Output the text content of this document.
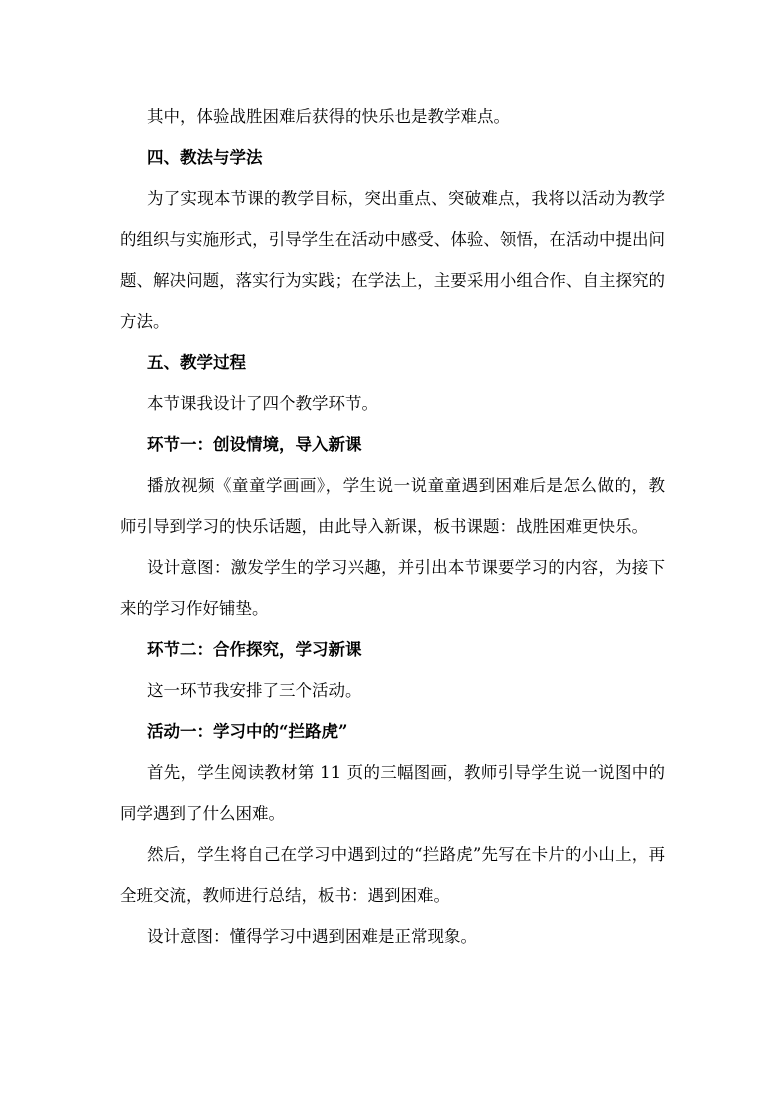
其中，体验战胜困难后获得的快乐也是教学难点。

四、教法与学法

为了实现本节课的教学目标，突出重点、突破难点，我将以活动为教学的组织与实施形式，引导学生在活动中感受、体验、领悟，在活动中提出问题、解决问题，落实行为实践；在学法上，主要采用小组合作、自主探究的方法。

五、教学过程

本节课我设计了四个教学环节。

环节一：创设情境，导入新课

播放视频《童童学画画》，学生说一说童童遇到困难后是怎么做的，教师引导到学习的快乐话题，由此导入新课，板书课题：战胜困难更快乐。

设计意图：激发学生的学习兴趣，并引出本节课要学习的内容，为接下来的学习作好铺垫。

环节二：合作探究，学习新课

这一环节我安排了三个活动。

活动一：学习中的“拦路虎”

首先，学生阅读教材第 11 页的三幅图画，教师引导学生说一说图中的同学遇到了什么困难。

然后，学生将自己在学习中遇到过的“拦路虎”先写在卡片的小山上，再全班交流，教师进行总结，板书：遇到困难。

设计意图：懂得学习中遇到困难是正常现象。
